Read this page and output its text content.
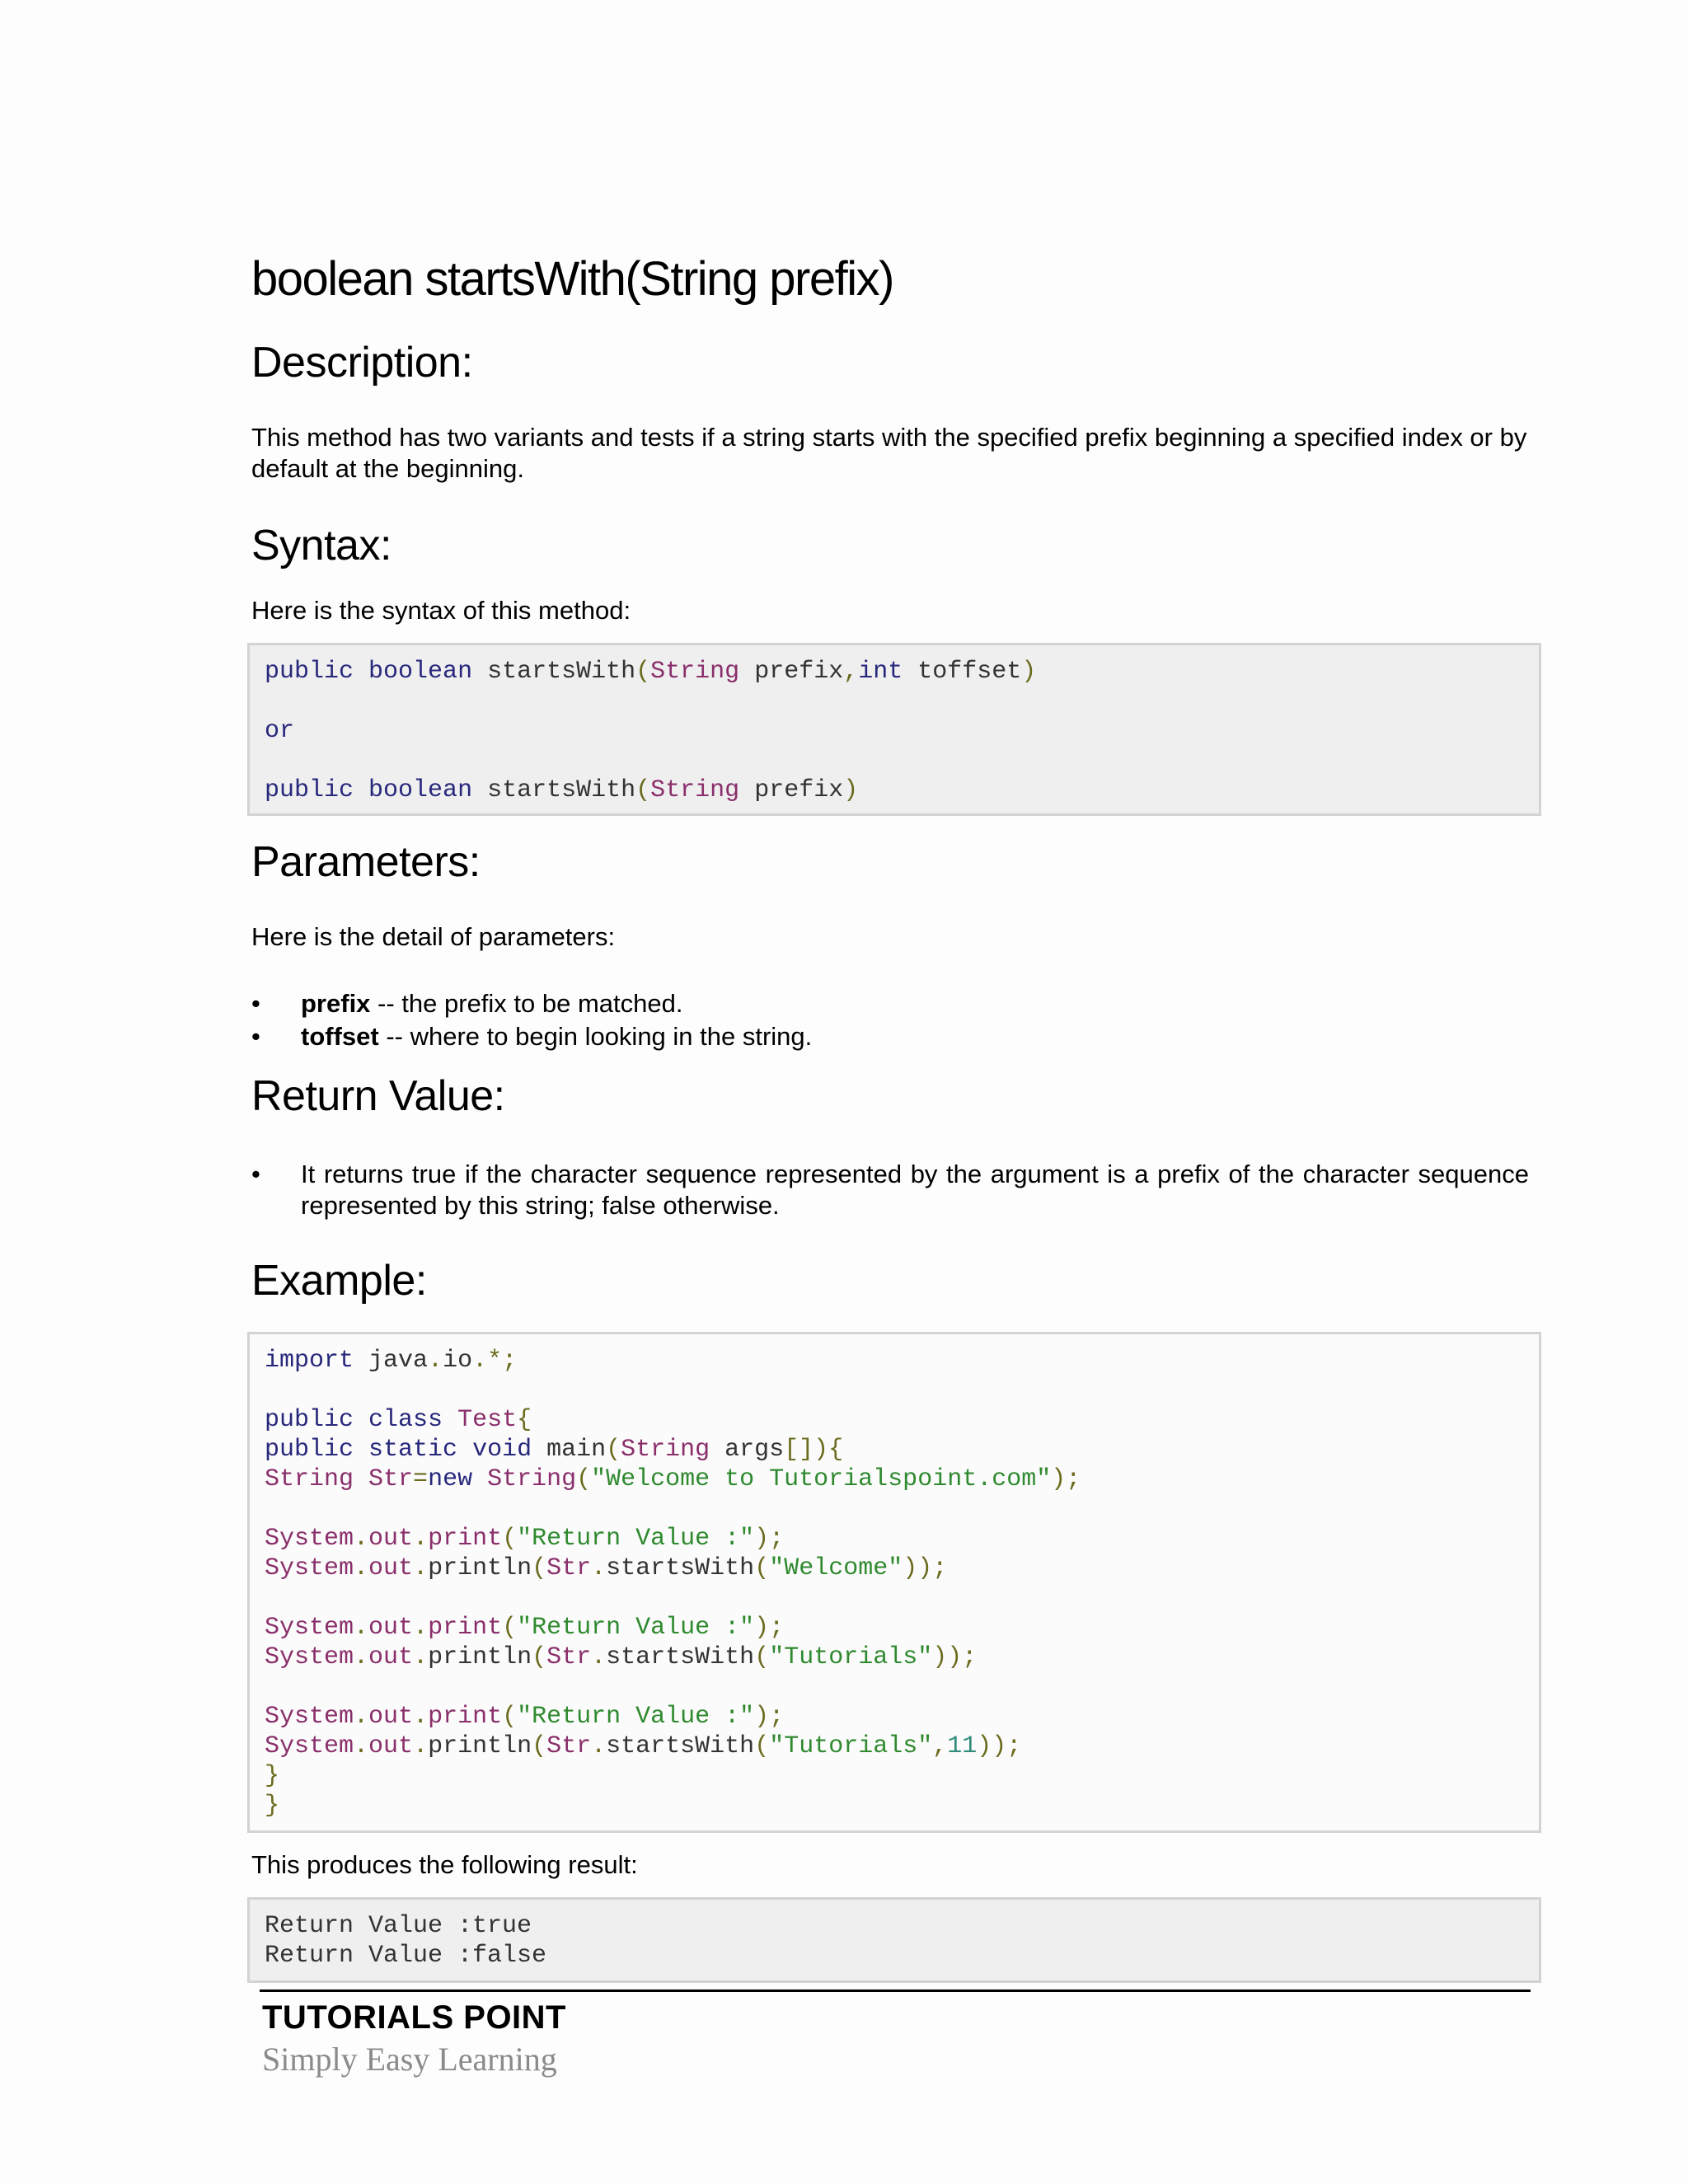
boolean startsWith(String prefix)
Description:

This method has two variants and tests if a string starts with the specified prefix beginning a specified index or by default at the beginning.

Syntax:

Here is the syntax of this method:

public boolean startsWith(String prefix,int toffset)
or
public boolean startsWith(String prefix)
Parameters:

Here is the detail of parameters:

• prefix -- the prefix to be matched.
• toffset -- where to begin looking in the string.
Return Value:
• It returns true if the character sequence represented by the argument is a prefix of the character sequence represented by this string; false otherwise.
Example:
import java.io.*;
public class Test{
public static void main(String args[]){
String Str=new String("Welcome to Tutorialspoint.com");
System.out.print("Return Value :");
System.out.println(Str.startsWith("Welcome"));
System.out.print("Return Value :");
System.out.println(Str.startsWith("Tutorials"));
System.out.print("Return Value :");
System.out.println(Str.startsWith("Tutorials",11));
}
}

This produces the following result:

Return Value :true
Return Value :false
TUTORIALS POINT
Simply Easy Learning
